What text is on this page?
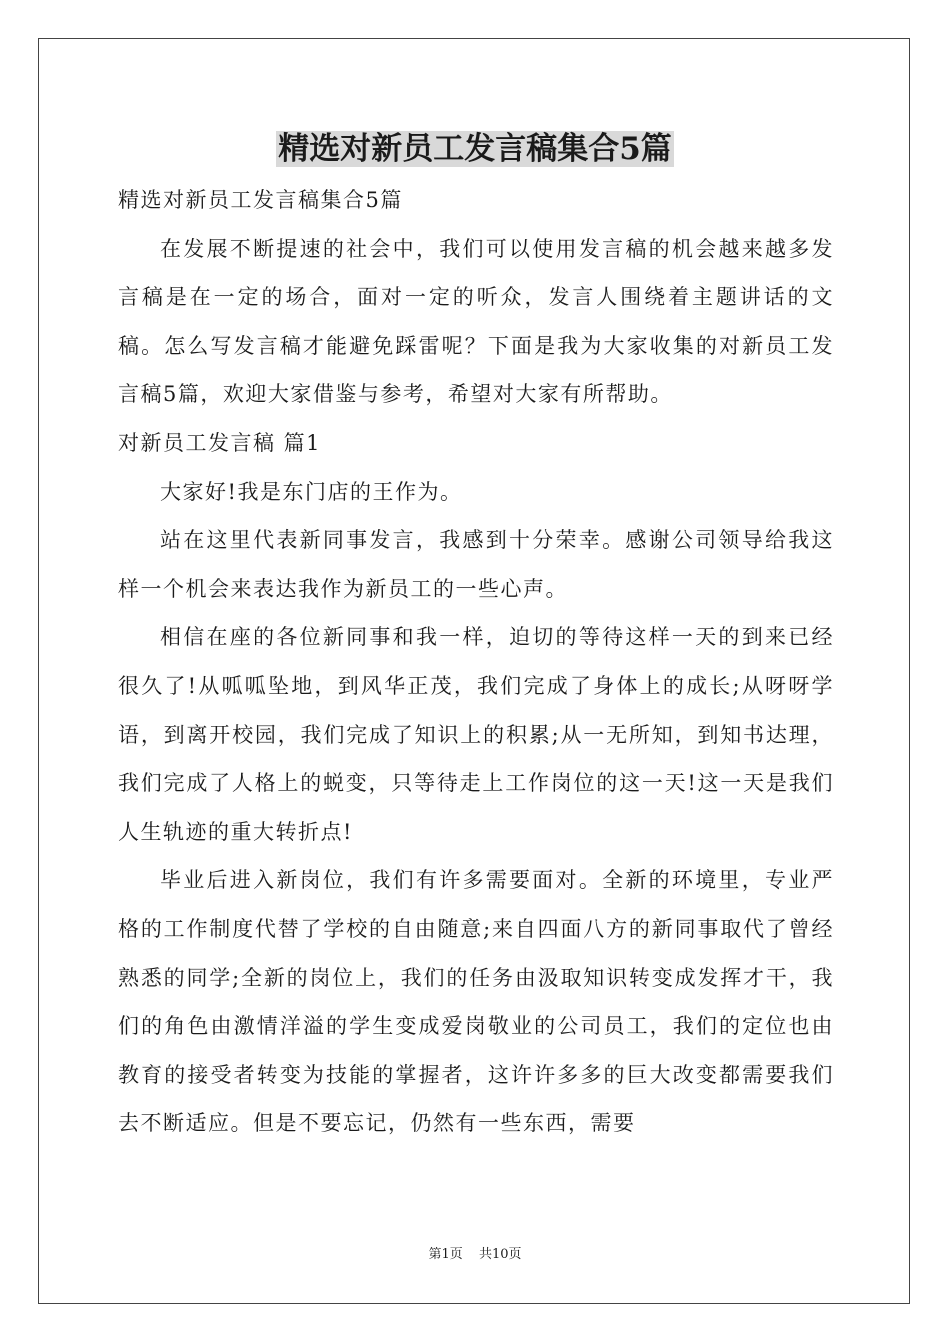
精选对新员工发言稿集合5篇

精选对新员工发言稿集合5篇

在发展不断提速的社会中，我们可以使用发言稿的机会越来越多发言稿是在一定的场合，面对一定的听众，发言人围绕着主题讲话的文稿。怎么写发言稿才能避免踩雷呢？下面是我为大家收集的对新员工发言稿5篇，欢迎大家借鉴与参考，希望对大家有所帮助。

对新员工发言稿 篇1

大家好!我是东门店的王作为。

站在这里代表新同事发言，我感到十分荣幸。感谢公司领导给我这样一个机会来表达我作为新员工的一些心声。

相信在座的各位新同事和我一样，迫切的等待这样一天的到来已经很久了!从呱呱坠地，到风华正茂，我们完成了身体上的成长;从呀呀学语，到离开校园，我们完成了知识上的积累;从一无所知，到知书达理，我们完成了人格上的蜕变，只等待走上工作岗位的这一天!这一天是我们人生轨迹的重大转折点!

毕业后进入新岗位，我们有许多需要面对。全新的环境里，专业严格的工作制度代替了学校的自由随意;来自四面八方的新同事取代了曾经熟悉的同学;全新的岗位上，我们的任务由汲取知识转变成发挥才干，我们的角色由激情洋溢的学生变成爱岗敬业的公司员工，我们的定位也由教育的接受者转变为技能的掌握者，这许许多多的巨大改变都需要我们去不断适应。但是不要忘记，仍然有一些东西，需要

第1页 共10页
